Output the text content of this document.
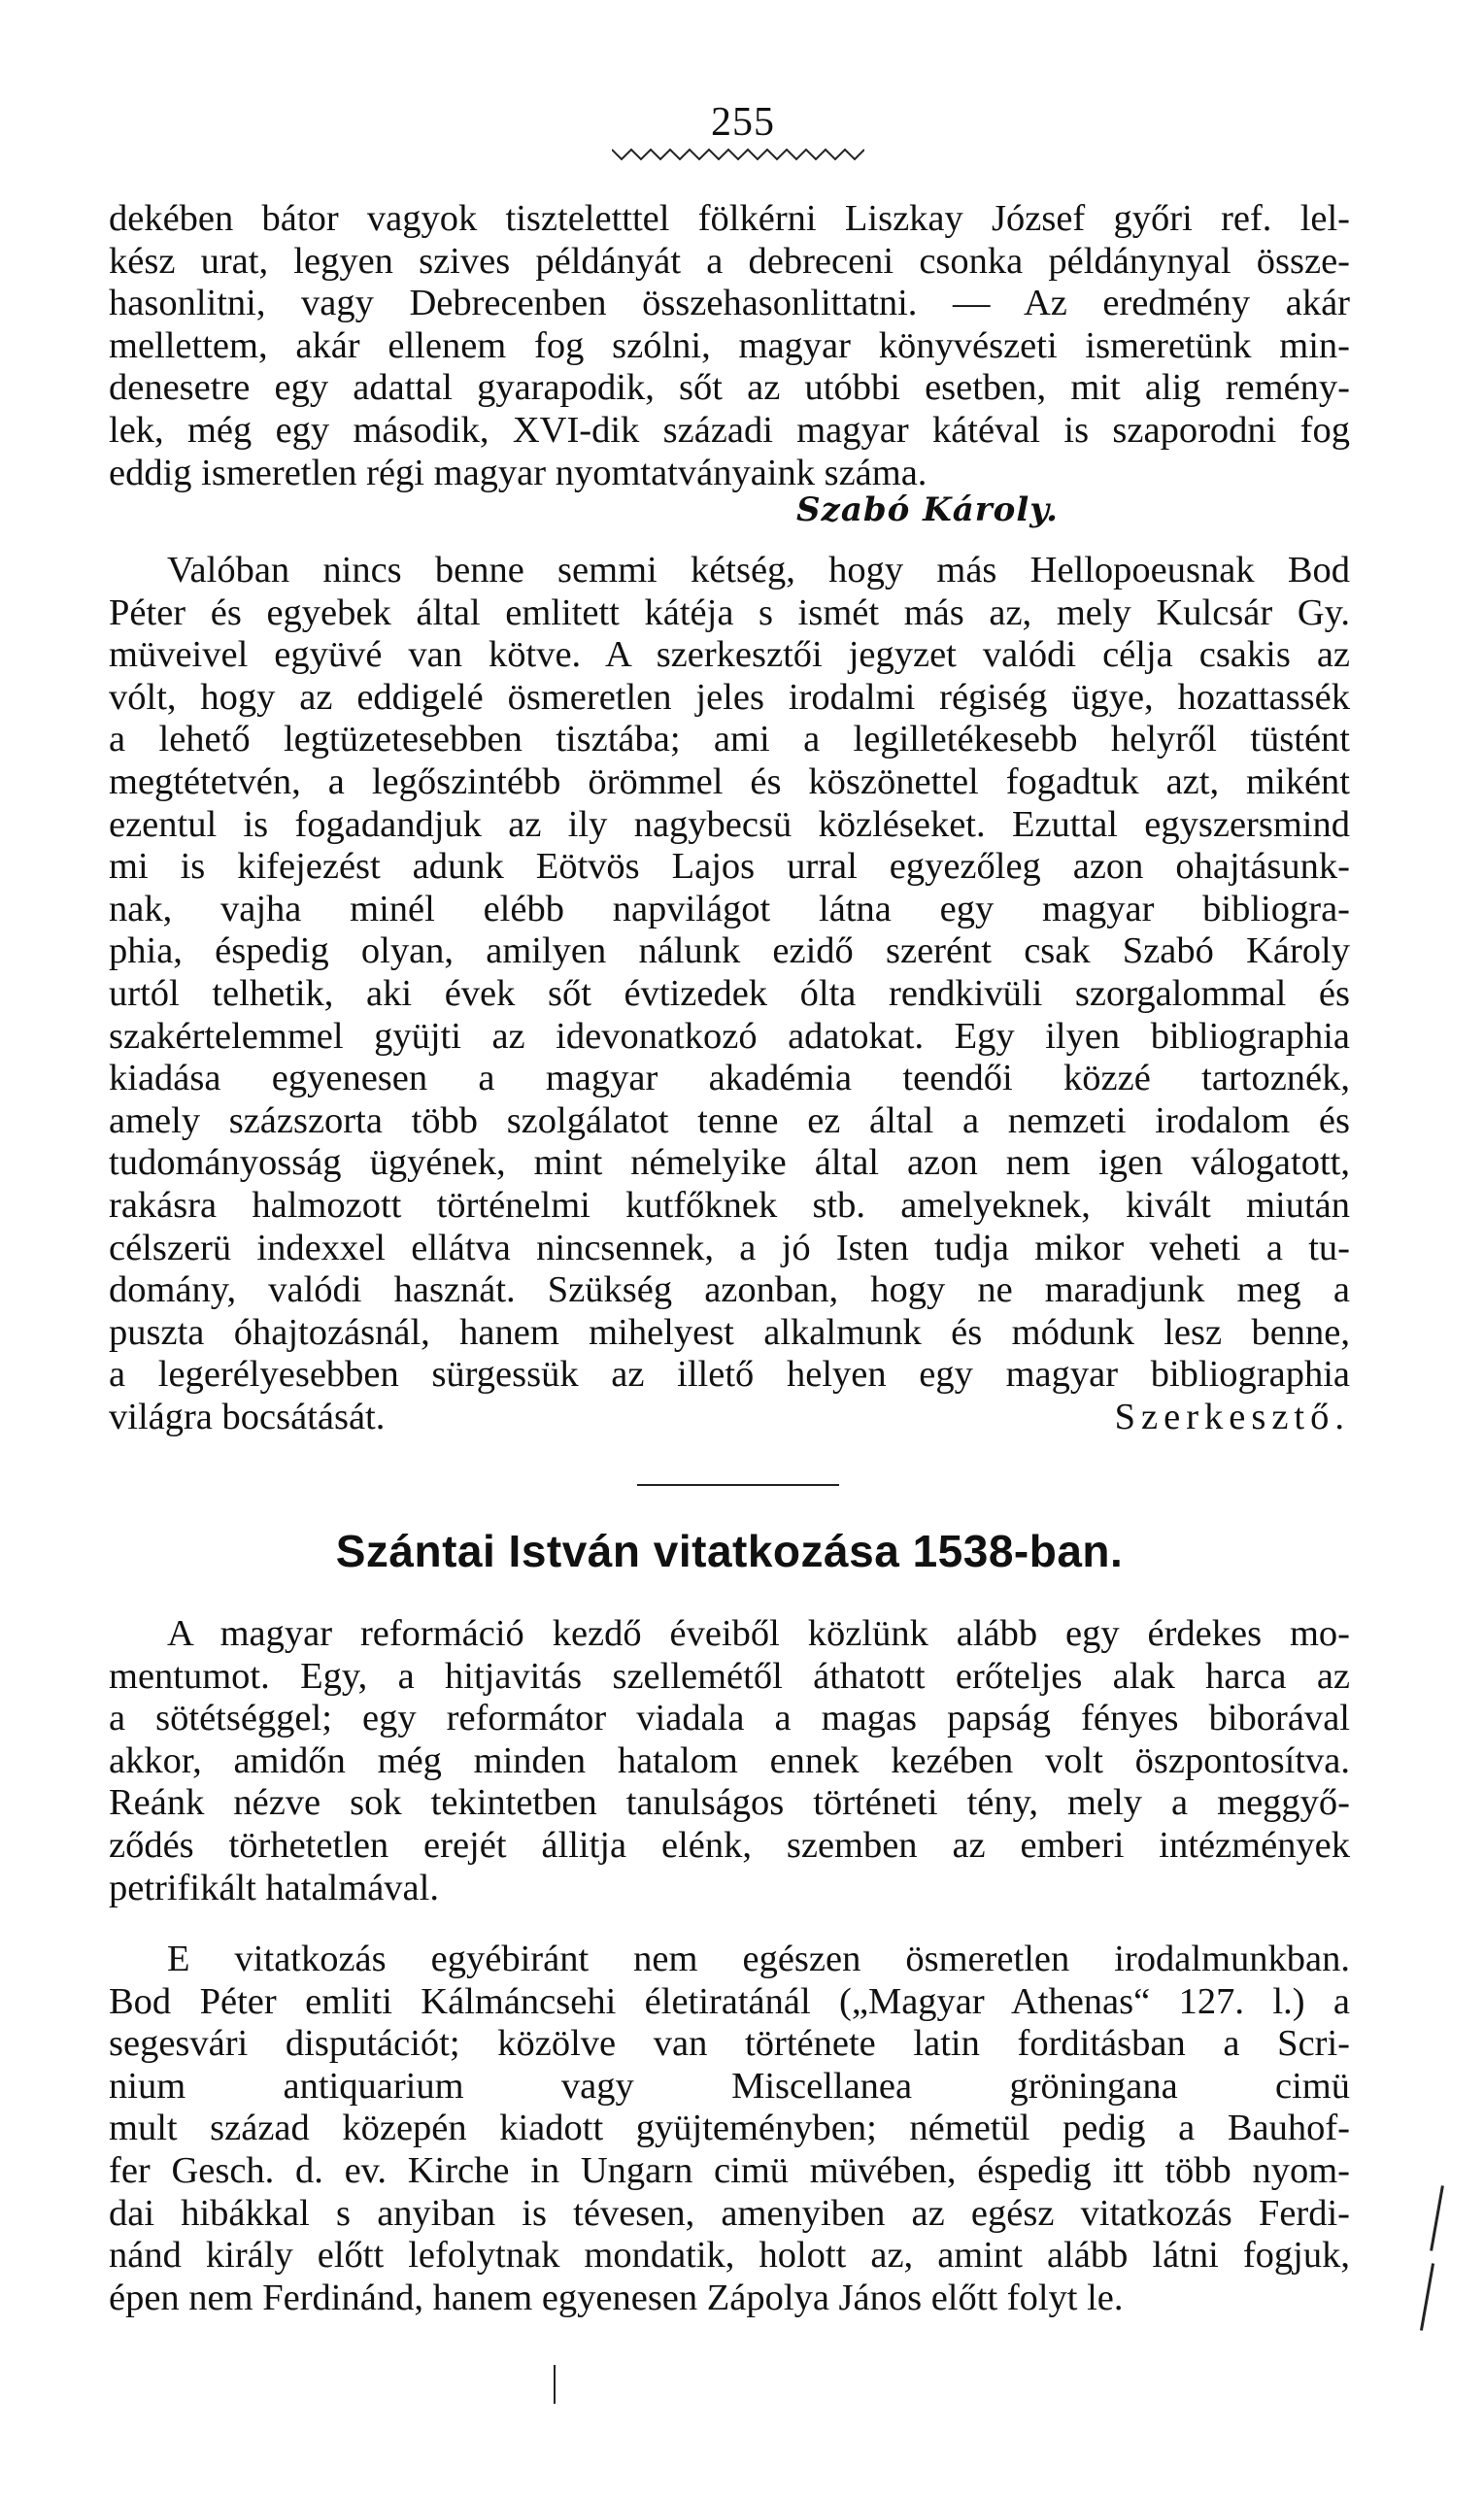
255
dekében bátor vagyok tiszteletttel fölkérni Liszkay József győri ref. lel-
kész urat, legyen szives példányát a debreceni csonka példánynyal össze-
hasonlitni, vagy Debrecenben összehasonlittatni. — Az eredmény akár
mellettem, akár ellenem fog szólni, magyar könyvészeti ismeretünk min-
denesetre egy adattal gyarapodik, sőt az utóbbi esetben, mit alig remény-
lek, még egy második, XVI-dik századi magyar kátéval is szaporodni fog
eddig ismeretlen régi magyar nyomtatványaink száma.
Szabó Károly.
Valóban nincs benne semmi kétség, hogy más Hellopoeusnak Bod
Péter és egyebek által emlitett kátéja s ismét más az, mely Kulcsár Gy.
müveivel együvé van kötve. A szerkesztői jegyzet valódi célja csakis az
vólt, hogy az eddigelé ösmeretlen jeles irodalmi régiség ügye, hozattassék
a lehető legtüzetesebben tisztába; ami a legilletékesebb helyről tüstént
megtétetvén, a legőszintébb örömmel és köszönettel fogadtuk azt, miként
ezentul is fogadandjuk az ily nagybecsü közléseket. Ezuttal egyszersmind
mi is kifejezést adunk Eötvös Lajos urral egyezőleg azon ohajtásunk-
nak, vajha minél elébb napvilágot látna egy magyar bibliogra-
phia, éspedig olyan, amilyen nálunk ezidő szerént csak Szabó Károly
urtól telhetik, aki évek sőt évtizedek ólta rendkivüli szorgalommal és
szakértelemmel gyüjti az idevonatkozó adatokat. Egy ilyen bibliographia
kiadása egyenesen a magyar akadémia teendői közzé tartoznék,
amely százszorta több szolgálatot tenne ez által a nemzeti irodalom és
tudományosság ügyének, mint némelyike által azon nem igen válogatott,
rakásra halmozott történelmi kutfőknek stb. amelyeknek, kivált miután
célszerü indexxel ellátva nincsennek, a jó Isten tudja mikor veheti a tu-
domány, valódi hasznát. Szükség azonban, hogy ne maradjunk meg a
puszta óhajtozásnál, hanem mihelyest alkalmunk és módunk lesz benne,
a legerélyesebben sürgessük az illető helyen egy magyar bibliographia
világra bocsátását.	Szerkesztő.
Szántai István vitatkozása 1538-ban.
A magyar reformáció kezdő éveiből közlünk alább egy érdekes mo-
mentumot. Egy, a hitjavitás szellemétől áthatott erőteljes alak harca az
a sötétséggel; egy reformátor viadala a magas papság fényes biborával
akkor, amidőn még minden hatalom ennek kezében volt öszpontosítva.
Reánk nézve sok tekintetben tanulságos történeti tény, mely a meggyő-
ződés törhetetlen erejét állitja elénk, szemben az emberi intézmények
petrifikált hatalmával.
E vitatkozás egyébiránt nem egészen ösmeretlen irodalmunkban.
Bod Péter emliti Kálmáncsehi életiratánál („Magyar Athenas“ 127. l.) a
segesvári disputációt; közölve van története latin forditásban a Scri-
nium antiquarium vagy Miscellanea gröningana cimü
mult század közepén kiadott gyüjteményben; németül pedig a Bauhof-
fer Gesch. d. ev. Kirche in Ungarn cimü müvében, éspedig itt több nyom-
dai hibákkal s anyiban is tévesen, amenyiben az egész vitatkozás Ferdi-
nánd király előtt lefolytnak mondatik, holott az, amint alább látni fogjuk,
épen nem Ferdinánd, hanem egyenesen Zápolya János előtt folyt le.
